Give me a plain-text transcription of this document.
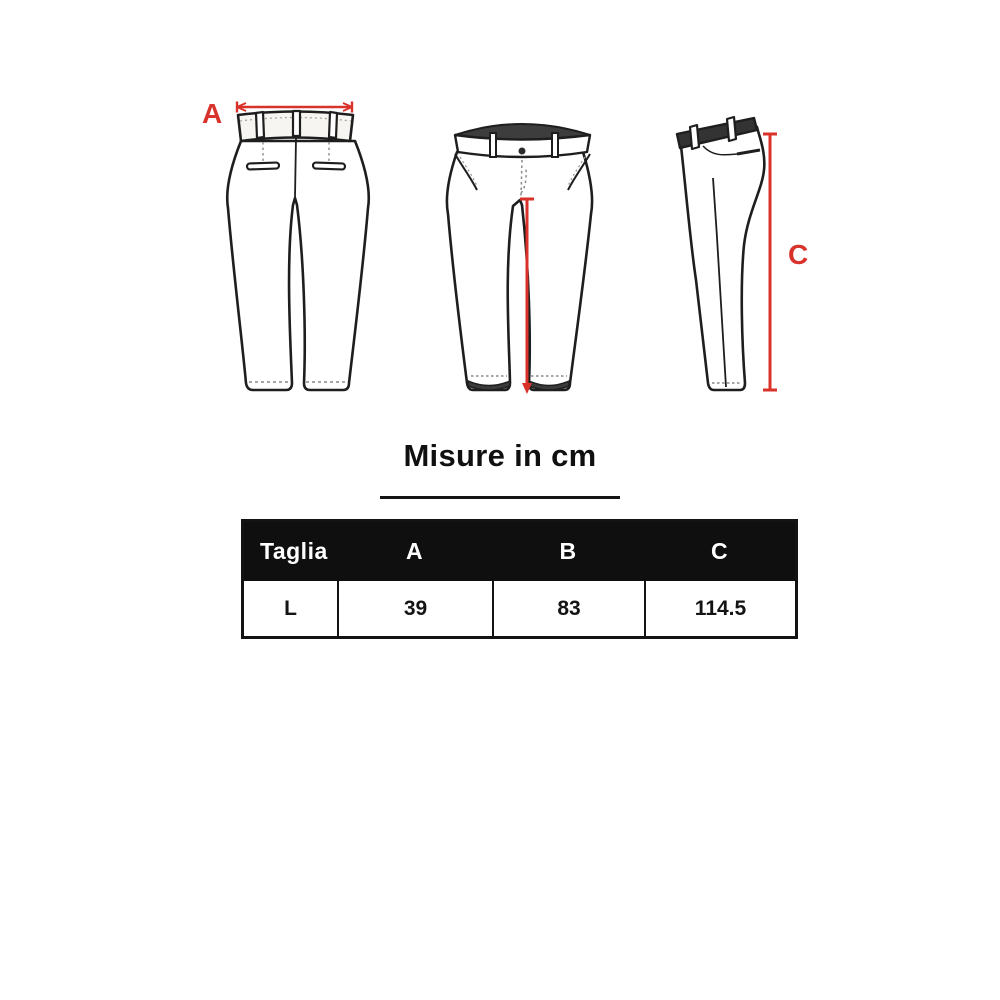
A
C
Misure in cm
Taglia	A	B	C
L	39	83	114.5
